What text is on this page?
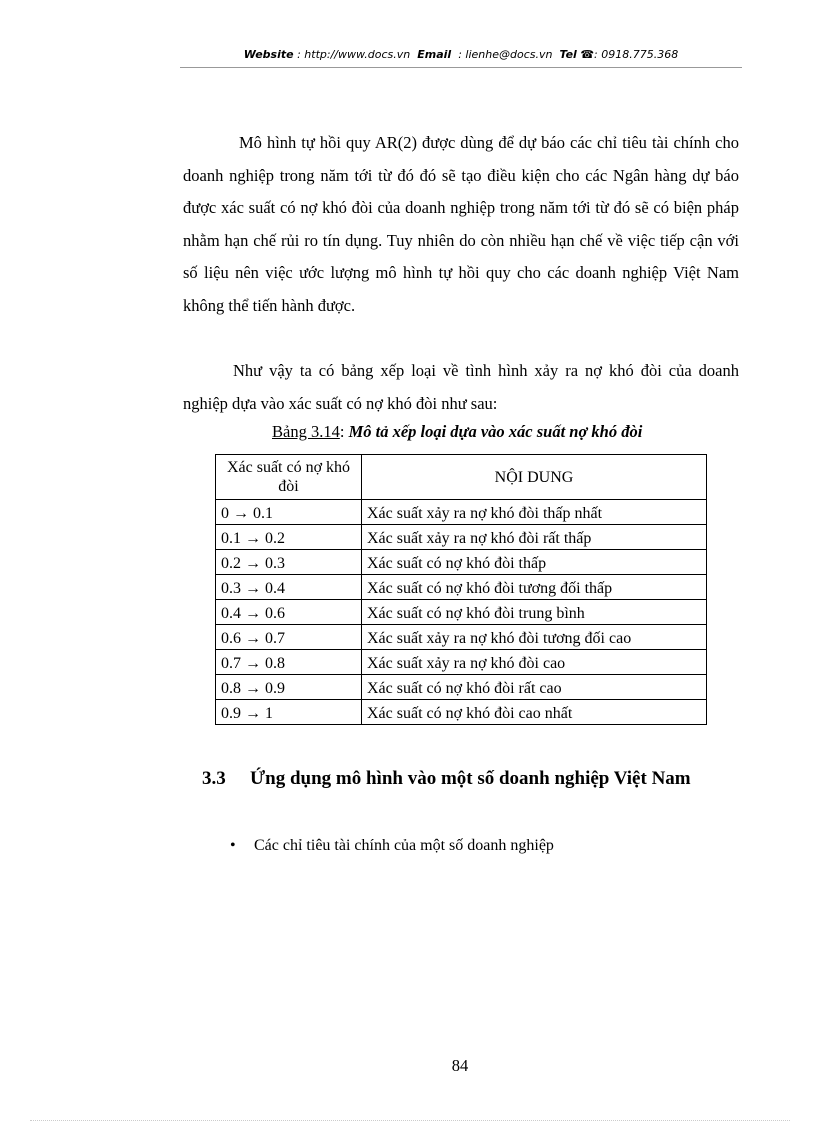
Website : http://www.docs.vn Email : lienhe@docs.vn Tel ☎: 0918.775.368

Mô hình tự hồi quy AR(2) được dùng để dự báo các chỉ tiêu tài chính cho doanh nghiệp trong năm tới từ đó đó sẽ tạo điều kiện cho các Ngân hàng dự báo được xác suất có nợ khó đòi của doanh nghiệp trong năm tới từ đó sẽ có biện pháp nhằm hạn chế rủi ro tín dụng. Tuy nhiên do còn nhiều hạn chế về việc tiếp cận với số liệu nên việc ước lượng mô hình tự hồi quy cho các doanh nghiệp Việt Nam không thể tiến hành được.

Như vậy ta có bảng xếp loại về tình hình xảy ra nợ khó đòi của doanh nghiệp dựa vào xác suất có nợ khó đòi như sau:

Bảng 3.14: Mô tả xếp loại dựa vào xác suất nợ khó đòi
Xác suất có nợ khó đòi	NỘI DUNG
0 → 0.1	Xác suất xảy ra nợ khó đòi thấp nhất
0.1 → 0.2	Xác suất xảy ra nợ khó đòi rất thấp
0.2 → 0.3	Xác suất có nợ khó đòi thấp
0.3 → 0.4	Xác suất có nợ khó đòi tương đối thấp
0.4 → 0.6	Xác suất có nợ khó đòi trung bình
0.6 → 0.7	Xác suất xảy ra nợ khó đòi tương đối cao
0.7 → 0.8	Xác suất xảy ra nợ khó đòi cao
0.8 → 0.9	Xác suất có nợ khó đòi rất cao
0.9 → 1	Xác suất có nợ khó đòi cao nhất
3.3 Ứng dụng mô hình vào một số doanh nghiệp Việt Nam
• Các chỉ tiêu tài chính của một số doanh nghiệp
84
